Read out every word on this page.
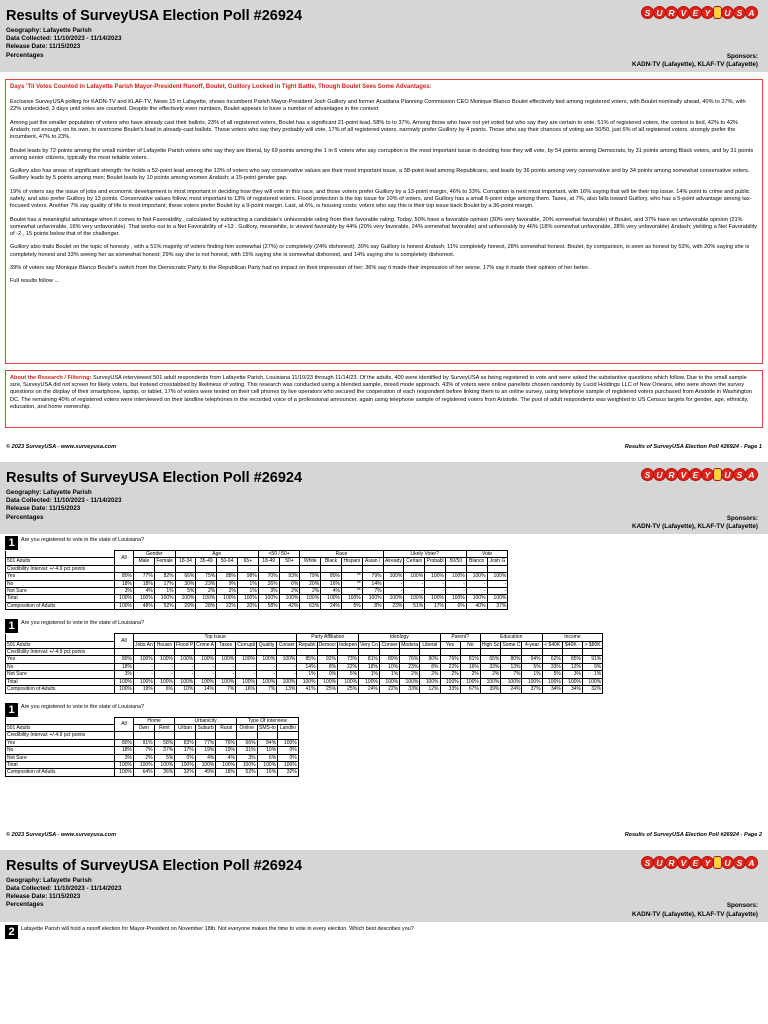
Results of SurveyUSA Election Poll #26924
Geography: Lafayette Parish
Data Collected: 11/10/2023 - 11/14/2023
Release Date: 11/15/2023
Percentages
S U R V E Y	U S A
Sponsors:
KADN-TV (Lafayette), KLAF-TV (Lafayette)

Days 'Til Votes Counted in Lafayette Parish Mayor-President Runoff, Boulet, Guillory Locked in Tight Battle, Though Boulet Sees Some Advantages:

Exclusive SurveyUSA polling for KADN-TV and KLAF-TV, News 15 in Lafayette, shows incumbent Parish Mayor-President Josh Guillory and former Acadiana Planning Commission CEO Monique Blanco Boulet effectively tied among registered voters, with Boulet nominally ahead, 40% to 37%, with 22% undecided, 3 days until votes are counted. Despite the effectively even numbers, Boulet appears to have a number of advantages in the contest:

Among just the smaller population of voters who have already cast their ballots, 23% of all registered voters, Boulet has a significant 21-point lead, 58% to to 37%. Among those who have not yet voted but who say they are certain to vote, 51% of registered voters, the contest is tied, 42% to 42% &ndash; not enough, on its own, to overcome Boulet's lead in already-cast ballots. Those voters who say they probably will vote, 17% of all registered voters, narrowly prefer Guillory by 4 points. Those who say their chances of voting are 50/50, just 6% of all registered voters, strongly prefer the incumbent, 47% to 23%.

Boulet leads by 72 points among the small number of Lafayette Parish voters who say they are liberal, by 69 points among the 1 in 6 voters who say corruption is the most important issue in deciding how they will vote, by 54 points among Democrats, by 31 points among Black voters, and by 31 points among senior citizens, typically the most reliable voters.

Guillory also has areas of significant strength: he holds a 52-point lead among the 13% of voters who say conservative values are their most important issue, a 38-point lead among Republicans, and leads by 36 points among very conservative and by 34 points among somewhat conservative voters. Guillory leads by 5 points among men; Boulet leads by 10 points among women &ndash; a 15-point gender gap.

19% of voters say the issue of jobs and economic development is most important in deciding how they will vote in this race, and those voters prefer Guillory by a 13-point margin, 46% to 33%. Corruption is next most important, with 16% saying that will be their top issue. 14% point to crime and public safety, and also prefer Guillory by 13 points. Conservative values follow, most important to 13% of registered voters. Flood protection is the top issue for 10% of voters, and Guillory has a small 6-point edge among them. Taxes, at 7%, also falls toward Guillory, who has a 5-point advantage among tax-focused voters. Another 7% say quality of life is most important; these voters prefer Boulet by a 9-point margin. Last, at 6%, is housing costs; voters who say this is their top issue back Boulet by a 36-point margin.

Boulet has a meaningful advantage when it comes to Net Favorability , calculated by subtracting a candidate's unfavorable rating from their favorable rating. Today, 50% have a favorable opinion (30% very favorable, 20% somewhat favorable) of Boulet, and 37% have an unfavorable opinion (21% somewhat unfavorable, 16% very unfavorable). That works out to a Net Favorability of +13 . Guillory, meanwhile, is viewed favorably by 44% (20% very favorable, 24% somewhat favorable) and unfavorably by 46% (18% somewhat unfavorable, 28% very unfavorable) &ndash; yielding a Net Favorability of -2 , 15 points below that of the challenger.

Guillory also trails Boulet on the topic of honesty , with a 51% majority of voters finding him somewhat (27%) or completely (24% dishonest). 39% say Guillory is honest &ndash; 11% completely honest, 28% somewhat honest. Boulet, by comparison, is seen as honest by 53%, with 20% saying she is completely honest and 33% seeing her as somewhat honest; 29% say she is not honest, with 15% saying she is somewhat dishonest, and 14% saying she is completely dishonest.

39% of voters say Monique Blanco Boulet's switch from the Democratic Party to the Republican Party had no impact on their impression of her; 36% say it made their impression of her worse. 17% say it made their opinion of her better.

Full results follow ...

About the Research / Filtering: SurveyUSA interviewed 501 adult respondents from Lafayette Parish, Louisiana 11/10/23 through 11/14/23. Of the adults, 400 were identified by SurveyUSA as being registered to vote and were asked the substantive questions which follow. Due to the small sample size, SurveyUSA did not screen for likely voters, but instead crosstabbed by likeliness of voting. This research was conducted using a blended sample, mixed mode approach. 43% of voters were online panelists chosen randomly by Lucid Holdings LLC of New Orleans, who were shown the survey questions on the display of their smartphone, laptop, or tablet. 17% of voters were texted on their cell phones by live operators who secured the cooperation of each respondent before linking them to an online survey, using telephone sample of registered voters purchased from Aristotle in Washington DC. The remaining 40% of registered voters were interviewed on their landline telephones in the recorded voice of a professional announcer, again using telephone sample of registered voters from Aristotle. The pool of adult respondents was weighted to US Census targets for gender, age, ethnicity, education, and home ownership.

© 2023 SurveyUSA - www.surveyusa.com	Results of SurveyUSA Election Poll #26924 - Page 1
Results of SurveyUSA Election Poll #26924
Geography: Lafayette Parish
Data Collected: 11/10/2023 - 11/14/2023
Release Date: 11/15/2023
Percentages
S U R V E Y	U S A
Sponsors:
KADN-TV (Lafayette), KLAF-TV (Lafayette)
1	Are you registered to vote in the state of Louisiana?
	All	Gender		Age				<50 / 50+		Race				Likely Voter?				Vote	
501 Adults		Male	Female	18-34	35-49	50-64	65+	18-49	50+	White	Black	Hispani	Asian /	Already	Certain	Probabl	50/50	Blanco	Josh G
Credibility Interval: +/-4.9 pct points																			
Yes	80%	77%	82%	66%	75%	88%	98%	70%	93%	79%	80%	**	79%	100%	100%	100%	100%	100%	100%
No	18%	18%	17%	30%	23%	9%	1%	26%	6%	20%	16%	**	14%	-	-	-	-	-	-
Not Sure	3%	4%	1%	5%	2%	2%	1%	3%	2%	2%	4%	**	7%	-	-	-	-	-	-
Total	100%	100%	100%	100%	100%	100%	100%	100%	100%	100%	100%	100%	100%	100%	100%	100%	100%	100%	100%
Composition of Adults	100%	48%	52%	29%	28%	22%	20%	58%	42%	63%	24%	5%	8%	23%	51%	17%	6%	40%	37%
1	Are you registered to vote in the state of Louisiana?
	All	Top Issue								Party Affiliation			Ideology				Parent?		Education			Income		
501 Adults		Jobs An	Housin	Flood P	Crime A	Taxes	Corrupti	Quality	Conser	Republi	Democr	Indepen	Very Co	Conser	Modera	Liberal	Yes	No	High Sc	Some C	4-year	< $40K	$40K -	> $80K
Credibility Interval: +/-4.9 pct points																								
Yes	80%	100%	100%	100%	100%	100%	100%	100%	100%	85%	92%	73%	81%	89%	76%	90%	76%	81%	65%	80%	94%	62%	85%	91%
No	18%	-	-	-	-	-	-	-	-	14%	8%	22%	18%	10%	23%	8%	22%	16%	33%	13%	5%	33%	12%	9%
Not Sure	3%	-	-	-	-	-	-	-	-	1%	0%	5%	1%	1%	2%	2%	2%	2%	2%	7%	1%	5%	3%	1%
Total	100%	100%	100%	100%	100%	100%	100%	100%	100%	100%	100%	100%	100%	100%	100%	100%	100%	100%	100%	100%	100%	100%	100%	100%
Composition of Adults	100%	19%	6%	10%	14%	7%	16%	7%	13%	41%	25%	25%	24%	22%	33%	12%	33%	67%	39%	24%	37%	34%	34%	32%
1	Are you registered to vote in the state of Louisiana?
	All	Home		Urbanicity			Type Of Interview		
501 Adults		Own	Rent	Urban	Suburb	Rural	Online	SMS-to	Landlin
Credibility Interval: +/-4.9 pct points									
Yes	80%	91%	58%	83%	77%	76%	66%	84%	100%
No	18%	7%	37%	17%	19%	19%	31%	10%	0%
Not Sure	3%	2%	5%	0%	4%	4%	3%	6%	0%
Total	100%	100%	100%	100%	100%	100%	100%	100%	100%
Composition of Adults	100%	64%	36%	32%	49%	18%	52%	16%	32%
© 2023 SurveyUSA - www.surveyusa.com	Results of SurveyUSA Election Poll #26924 - Page 2
Results of SurveyUSA Election Poll #26924
Geography: Lafayette Parish
Data Collected: 11/10/2023 - 11/14/2023
Release Date: 11/15/2023
Percentages
S U R V E Y	U S A
Sponsors:
KADN-TV (Lafayette), KLAF-TV (Lafayette)
2	Lafayette Parish will hold a runoff election for Mayor-President on November 18th. Not everyone makes the time to vote in every election. Which best describes you?
